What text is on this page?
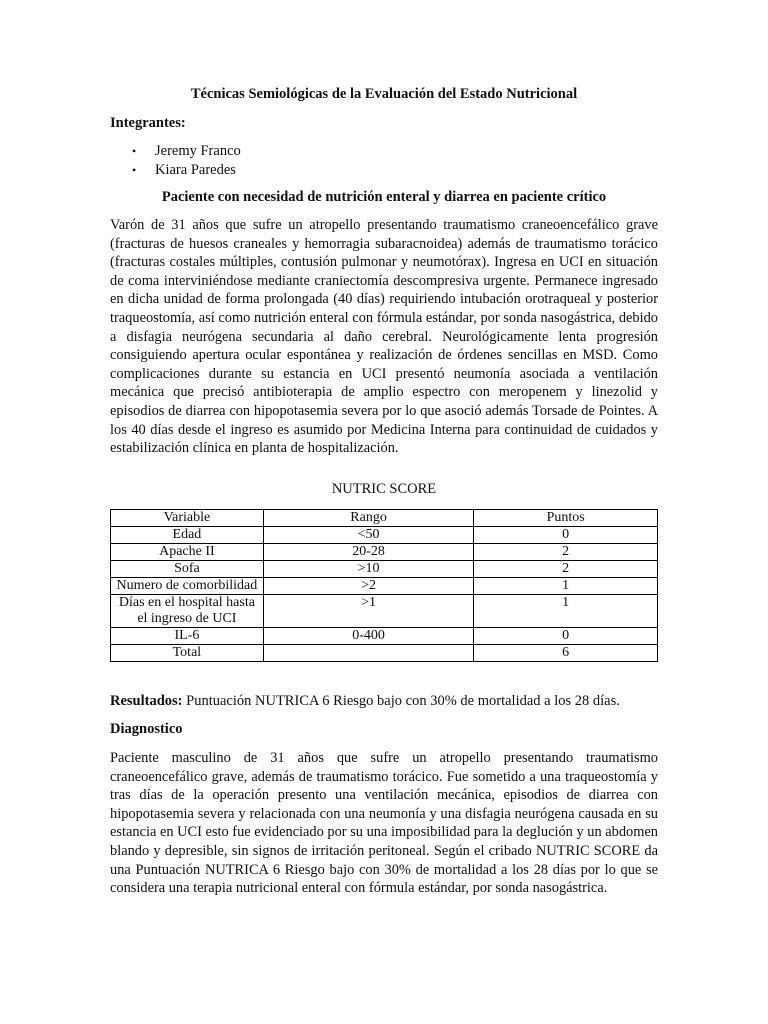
Técnicas Semiológicas de la Evaluación del Estado Nutricional
Integrantes:
• Jeremy Franco
• Kiara Paredes
Paciente con necesidad de nutrición enteral y diarrea en paciente crítico
Varón de 31 años que sufre un atropello presentando traumatismo craneoencefálico grave (fracturas de huesos craneales y hemorragia subaracnoidea) además de traumatismo torácico (fracturas costales múltiples, contusión pulmonar y neumotórax). Ingresa en UCI en situación de coma interviniéndose mediante craniectomía descompresiva urgente. Permanece ingresado en dicha unidad de forma prolongada (40 días) requiriendo intubación orotraqueal y posterior traqueostomía, así como nutrición enteral con fórmula estándar, por sonda nasogástrica, debido a disfagia neurógena secundaria al daño cerebral. Neurológicamente lenta progresión consiguiendo apertura ocular espontánea y realización de órdenes sencillas en MSD. Como complicaciones durante su estancia en UCI presentó neumonía asociada a ventilación mecánica que precisó antibioterapia de amplio espectro con meropenem y linezolid y episodios de diarrea con hipopotasemia severa por lo que asoció además Torsade de Pointes. A los 40 días desde el ingreso es asumido por Medicina Interna para continuidad de cuidados y estabilización clínica en planta de hospitalización.
NUTRIC SCORE
Variable	Rango	Puntos
Edad	<50	0
Apache II	20-28	2
Sofa	>10	2
Numero de comorbilidad	>2	1
Días en el hospital hasta el ingreso de UCI	>1	1
IL-6	0-400	0
Total		6
Resultados: Puntuación NUTRICA 6 Riesgo bajo con 30% de mortalidad a los 28 días.
Diagnostico
Paciente masculino de 31 años que sufre un atropello presentando traumatismo craneoencefálico grave, además de traumatismo torácico. Fue sometido a una traqueostomía y tras días de la operación presento una ventilación mecánica, episodios de diarrea con hipopotasemia severa y relacionada con una neumonía y una disfagia neurógena causada en su estancia en UCI esto fue evidenciado por su una imposibilidad para la deglución y un abdomen blando y depresible, sin signos de irritación peritoneal. Según el cribado NUTRIC SCORE da una Puntuación NUTRICA 6 Riesgo bajo con 30% de mortalidad a los 28 días por lo que se considera una terapia nutricional enteral con fórmula estándar, por sonda nasogástrica.
